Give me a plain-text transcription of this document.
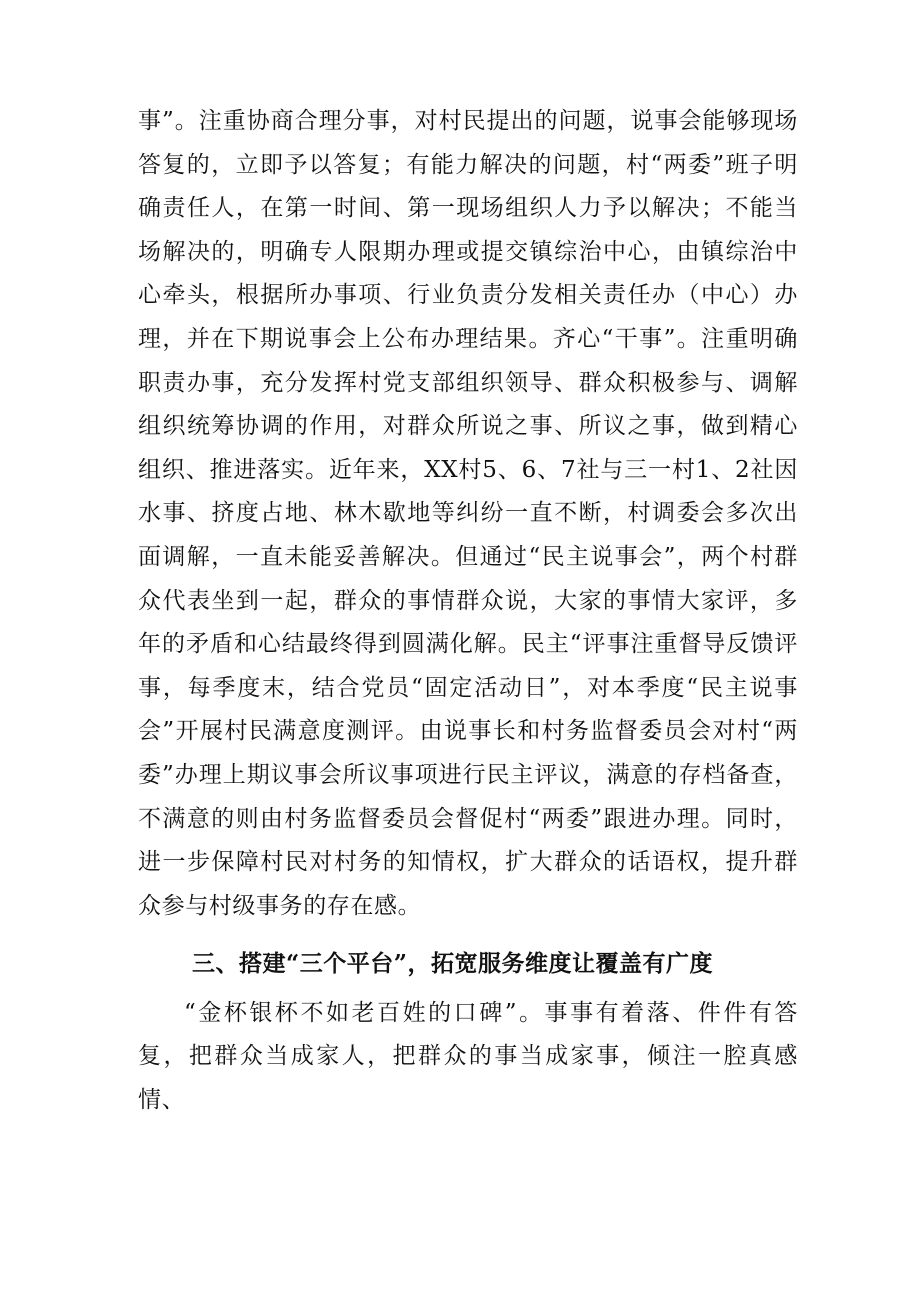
事”。注重协商合理分事，对村民提出的问题，说事会能够现场答复的，立即予以答复；有能力解决的问题，村“两委”班子明确责任人，在第一时间、第一现场组织人力予以解决；不能当场解决的，明确专人限期办理或提交镇综治中心，由镇综治中心牵头，根据所办事项、行业负责分发相关责任办（中心）办理，并在下期说事会上公布办理结果。齐心“干事”。注重明确职责办事，充分发挥村党支部组织领导、群众积极参与、调解组织统筹协调的作用，对群众所说之事、所议之事，做到精心组织、推进落实。近年来，XX村5、6、7社与三一村1、2社因水事、挤度占地、林木歇地等纠纷一直不断，村调委会多次出面调解，一直未能妥善解决。但通过“民主说事会”，两个村群众代表坐到一起，群众的事情群众说，大家的事情大家评，多年的矛盾和心结最终得到圆满化解。民主“评事注重督导反馈评事，每季度末，结合党员“固定活动日”，对本季度“民主说事会”开展村民满意度测评。由说事长和村务监督委员会对村“两委”办理上期议事会所议事项进行民主评议，满意的存档备查，不满意的则由村务监督委员会督促村“两委”跟进办理。同时，进一步保障村民对村务的知情权，扩大群众的话语权，提升群众参与村级事务的存在感。

三、搭建“三个平台”，拓宽服务维度让覆盖有广度

“金杯银杯不如老百姓的口碑”。事事有着落、件件有答复，把群众当成家人，把群众的事当成家事，倾注一腔真感情、
